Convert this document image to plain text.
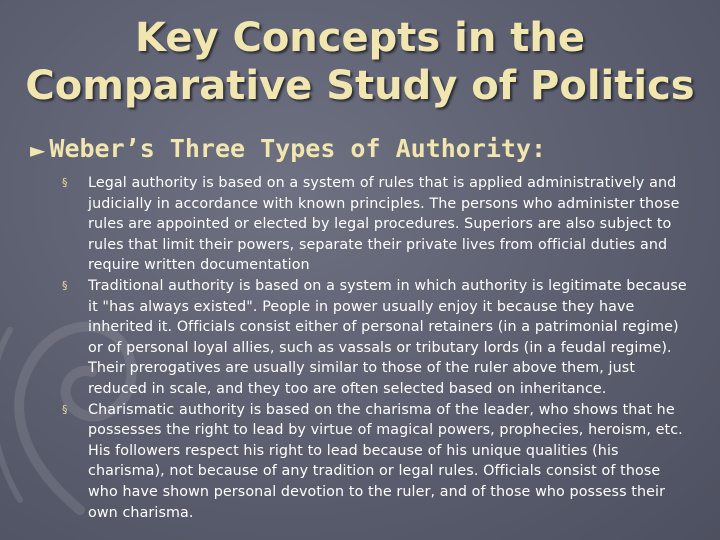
Key Concepts in the
Comparative Study of Politics
► Weber’s Three Types of Authority:
§	Legal authority is based on a system of rules that is applied administratively and judicially in accordance with known principles. The persons who administer those rules are appointed or elected by legal procedures. Superiors are also subject to rules that limit their powers, separate their private lives from official duties and require written documentation
§	Traditional authority is based on a system in which authority is legitimate because it "has always existed". People in power usually enjoy it because they have inherited it. Officials consist either of personal retainers (in a patrimonial regime) or of personal loyal allies, such as vassals or tributary lords (in a feudal regime). Their prerogatives are usually similar to those of the ruler above them, just reduced in scale, and they too are often selected based on inheritance.
§	Charismatic authority is based on the charisma of the leader, who shows that he possesses the right to lead by virtue of magical powers, prophecies, heroism, etc. His followers respect his right to lead because of his unique qualities (his charisma), not because of any tradition or legal rules. Officials consist of those who have shown personal devotion to the ruler, and of those who possess their own charisma.
